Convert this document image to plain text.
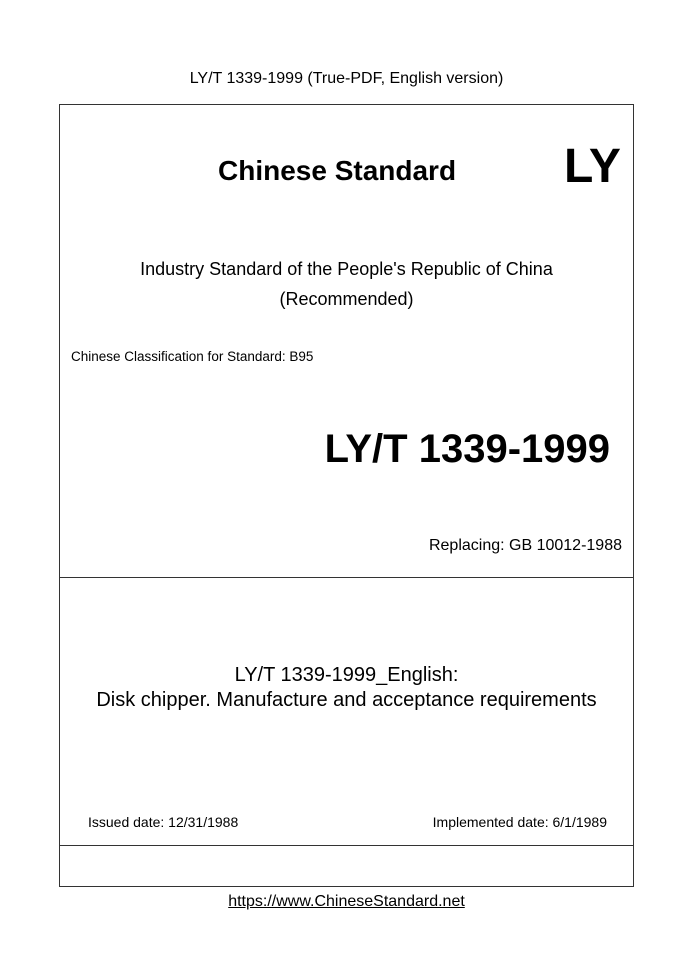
LY/T 1339-1999 (True-PDF, English version)
Chinese Standard LY
Industry Standard of the People's Republic of China
(Recommended)
Chinese Classification for Standard: B95
LY/T 1339-1999
Replacing: GB 10012-1988
LY/T 1339-1999_English:
Disk chipper. Manufacture and acceptance requirements
Issued date: 12/31/1988	Implemented date: 6/1/1989
https://www.ChineseStandard.net
